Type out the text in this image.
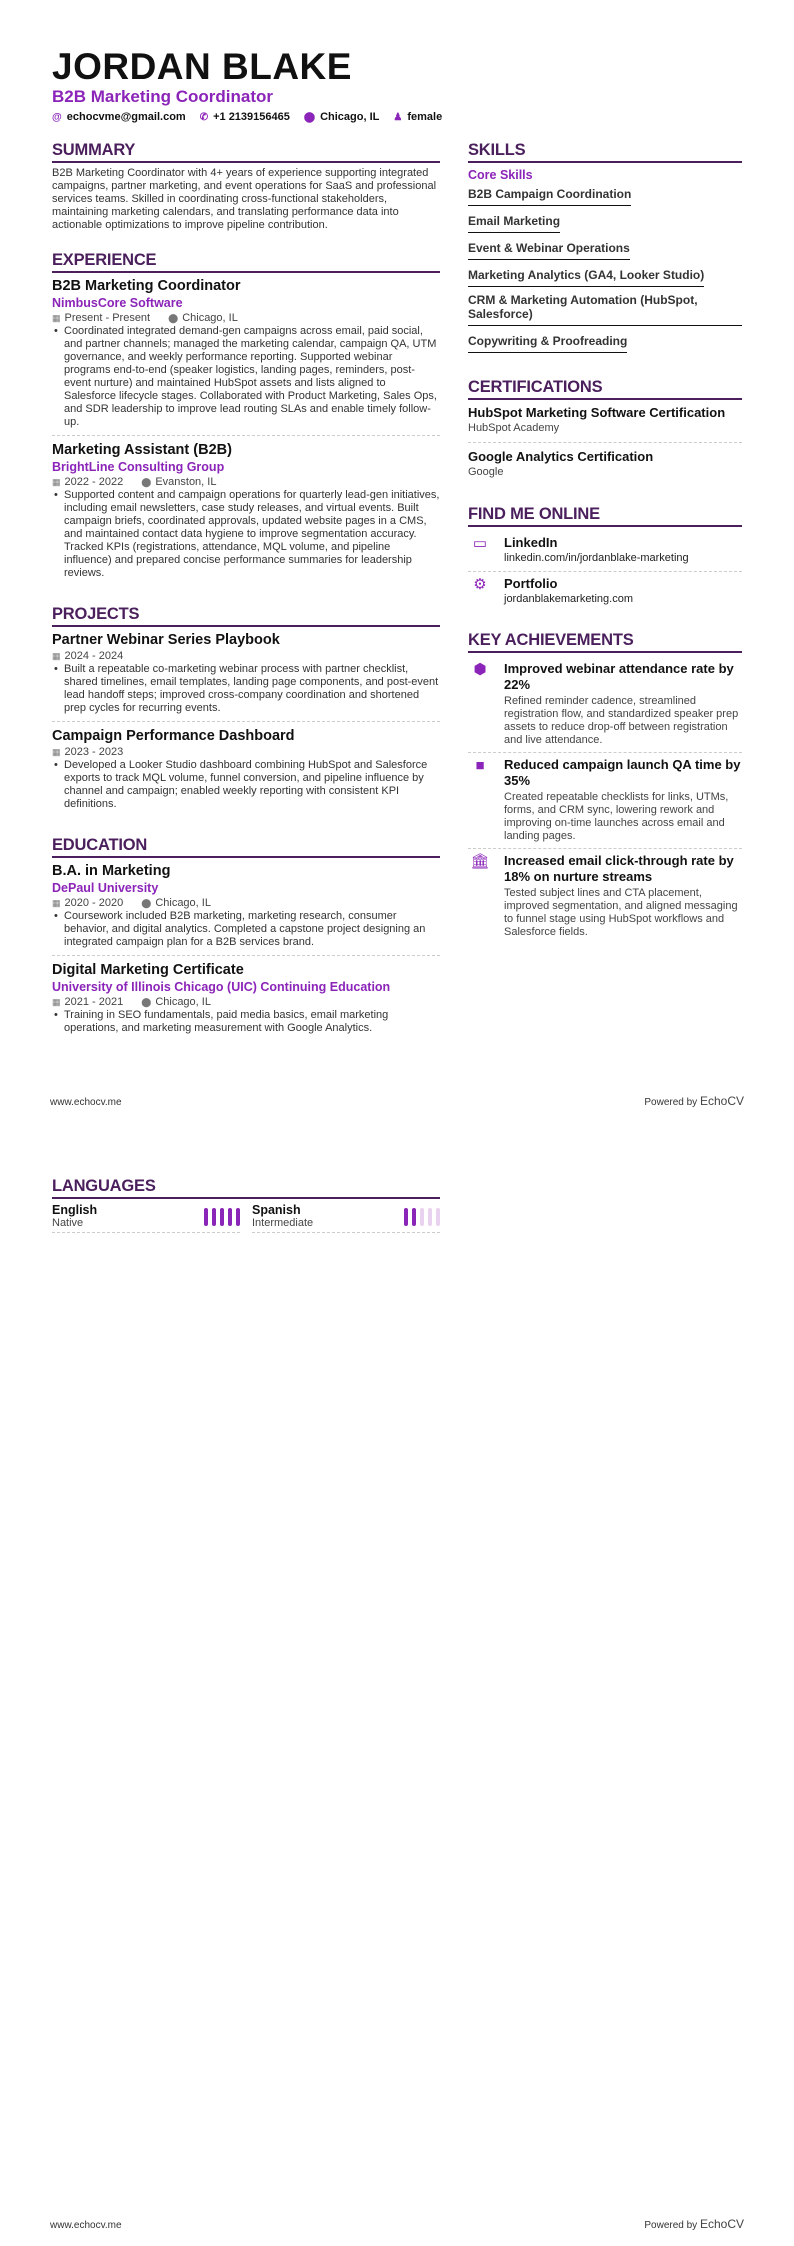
JORDAN BLAKE
B2B Marketing Coordinator
@ echocvme@gmail.com ✆ +1 2139156465 ⬤ Chicago, IL ♟ female
SUMMARY

B2B Marketing Coordinator with 4+ years of experience supporting integrated campaigns, partner marketing, and event operations for SaaS and professional services teams. Skilled in coordinating cross-functional stakeholders, maintaining marketing calendars, and translating performance data into actionable optimizations to improve pipeline contribution.

EXPERIENCE
B2B Marketing Coordinator
NimbusCore Software
▦ Present - Present ⬤ Chicago, IL
• Coordinated integrated demand-gen campaigns across email, paid social, and partner channels; managed the marketing calendar, campaign QA, UTM governance, and weekly performance reporting. Supported webinar programs end-to-end (speaker logistics, landing pages, reminders, post-event nurture) and maintained HubSpot assets and lists aligned to Salesforce lifecycle stages. Collaborated with Product Marketing, Sales Ops, and SDR leadership to improve lead routing SLAs and enable timely follow-up.
Marketing Assistant (B2B)
BrightLine Consulting Group
▦ 2022 - 2022 ⬤ Evanston, IL
• Supported content and campaign operations for quarterly lead-gen initiatives, including email newsletters, case study releases, and virtual events. Built campaign briefs, coordinated approvals, updated website pages in a CMS, and maintained contact data hygiene to improve segmentation accuracy. Tracked KPIs (registrations, attendance, MQL volume, and pipeline influence) and prepared concise performance summaries for leadership reviews.
PROJECTS
Partner Webinar Series Playbook
▦ 2024 - 2024
• Built a repeatable co-marketing webinar process with partner checklist, shared timelines, email templates, landing page components, and post-event lead handoff steps; improved cross-company coordination and shortened prep cycles for recurring events.
Campaign Performance Dashboard
▦ 2023 - 2023
• Developed a Looker Studio dashboard combining HubSpot and Salesforce exports to track MQL volume, funnel conversion, and pipeline influence by channel and campaign; enabled weekly reporting with consistent KPI definitions.
EDUCATION
B.A. in Marketing
DePaul University
▦ 2020 - 2020 ⬤ Chicago, IL
• Coursework included B2B marketing, marketing research, consumer behavior, and digital analytics. Completed a capstone project designing an integrated campaign plan for a B2B services brand.
Digital Marketing Certificate
University of Illinois Chicago (UIC) Continuing Education
▦ 2021 - 2021 ⬤ Chicago, IL
• Training in SEO fundamentals, paid media basics, email marketing operations, and marketing measurement with Google Analytics.
SKILLS
Core Skills
B2B Campaign Coordination
Email Marketing
Event & Webinar Operations
Marketing Analytics (GA4, Looker Studio)
CRM & Marketing Automation (HubSpot, Salesforce)
Copywriting & Proofreading
CERTIFICATIONS
HubSpot Marketing Software Certification
HubSpot Academy
Google Analytics Certification
Google
FIND ME ONLINE
▭	LinkedIn
linkedin.com/in/jordanblake-marketing
⚙	Portfolio
jordanblakemarketing.com
KEY ACHIEVEMENTS
⬢	Improved webinar attendance rate by 22%
Refined reminder cadence, streamlined registration flow, and standardized speaker prep assets to reduce drop-off between registration and live attendance.
■	Reduced campaign launch QA time by 35%
Created repeatable checklists for links, UTMs, forms, and CRM sync, lowering rework and improving on-time launches across email and landing pages.
🏛 Increased email click-through rate by 18% on nurture streams
Tested subject lines and CTA placement, improved segmentation, and aligned messaging to funnel stage using HubSpot workflows and Salesforce fields.
www.echocv.me	Powered by EchoCV
LANGUAGES
English
Native
Spanish
Intermediate
www.echocv.me	Powered by EchoCV
